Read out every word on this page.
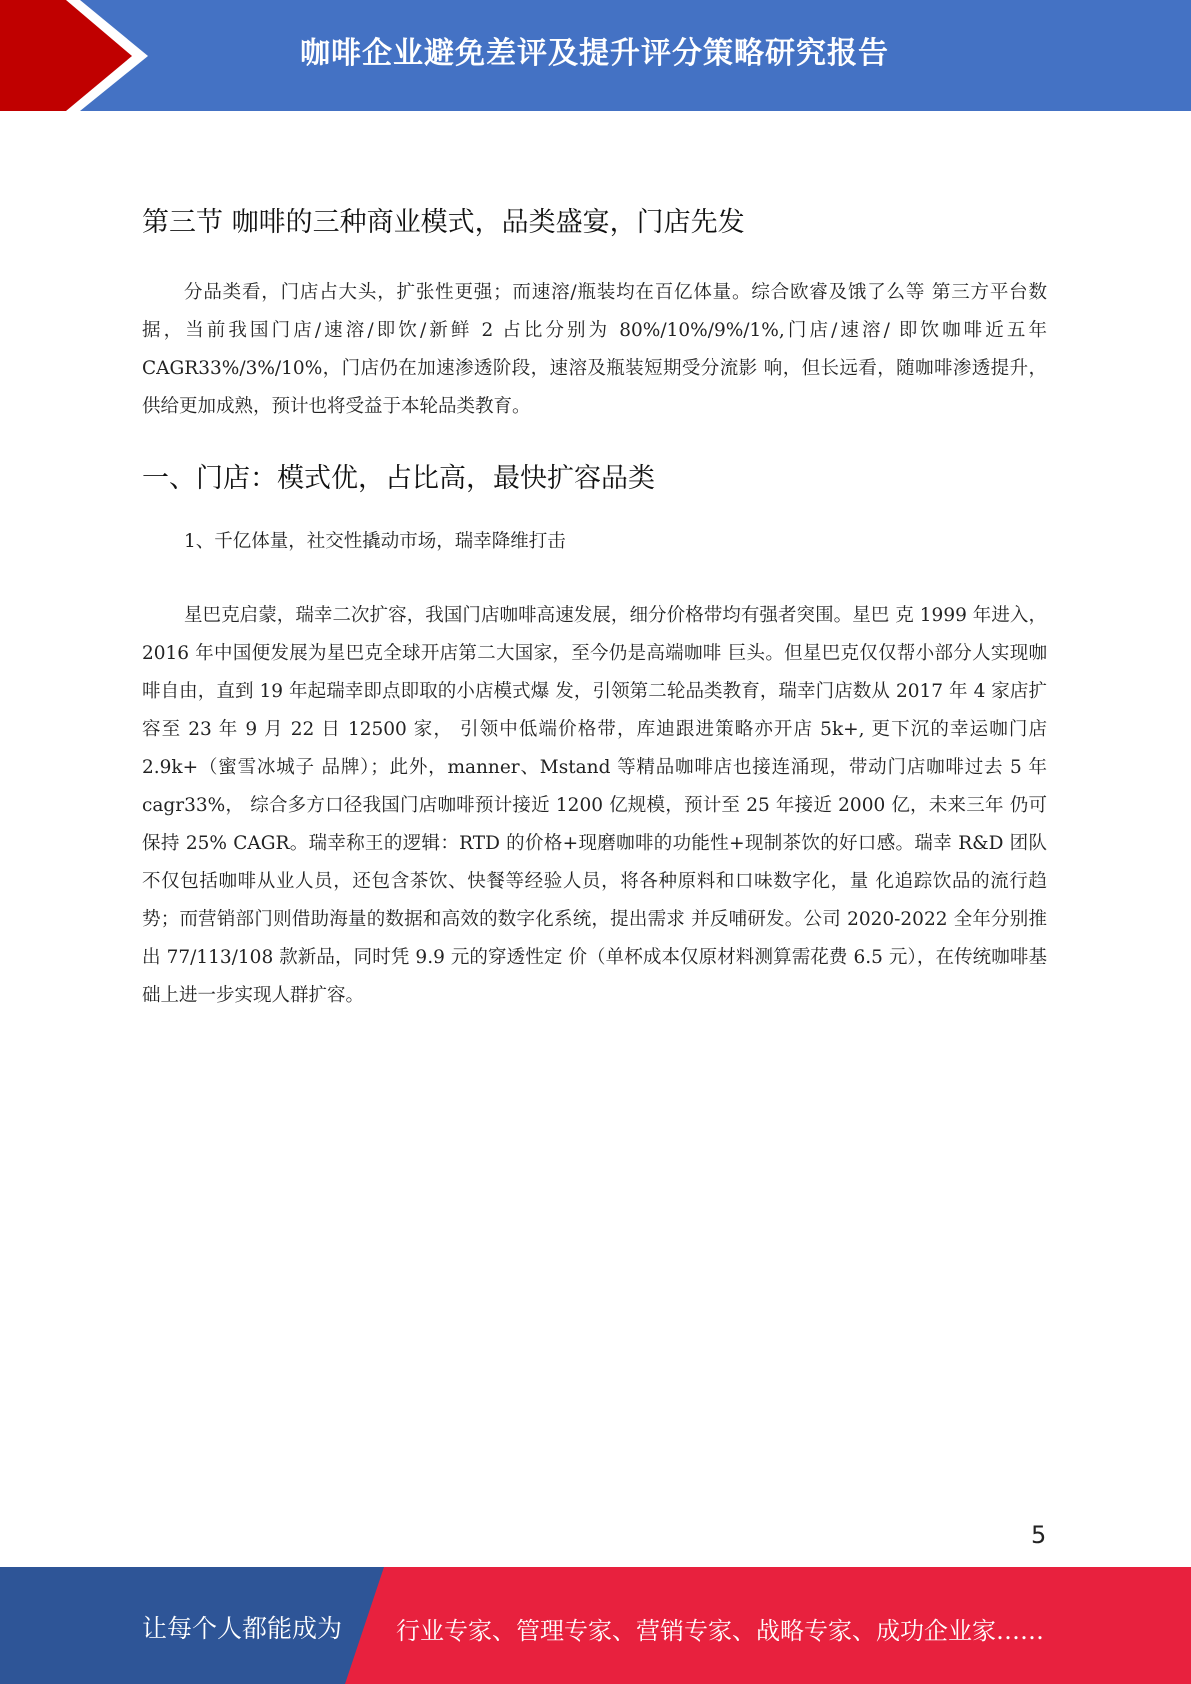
咖啡企业避免差评及提升评分策略研究报告
第三节 咖啡的三种商业模式，品类盛宴，门店先发

分品类看，门店占大头，扩张性更强；而速溶/瓶装均在百亿体量。综合欧睿及饿了么等 第三方平台数据，当前我国门店/速溶/即饮/新鲜 2 占比分别为 80%/10%/9%/1%,门店/速溶/ 即饮咖啡近五年 CAGR33%/3%/10%，门店仍在加速渗透阶段，速溶及瓶装短期受分流影 响，但长远看，随咖啡渗透提升，供给更加成熟，预计也将受益于本轮品类教育。

一、门店：模式优，占比高，最快扩容品类
1、千亿体量，社交性撬动市场，瑞幸降维打击

星巴克启蒙，瑞幸二次扩容，我国门店咖啡高速发展，细分价格带均有强者突围。星巴 克 1999 年进入，2016 年中国便发展为星巴克全球开店第二大国家，至今仍是高端咖啡 巨头。但星巴克仅仅帮小部分人实现咖啡自由，直到 19 年起瑞幸即点即取的小店模式爆 发，引领第二轮品类教育，瑞幸门店数从 2017 年 4 家店扩容至 23 年 9 月 22 日 12500 家， 引领中低端价格带，库迪跟进策略亦开店 5k+, 更下沉的幸运咖门店 2.9k+（蜜雪冰城子 品牌）；此外，manner、Mstand 等精品咖啡店也接连涌现，带动门店咖啡过去 5 年 cagr33%， 综合多方口径我国门店咖啡预计接近 1200 亿规模，预计至 25 年接近 2000 亿，未来三年 仍可保持 25% CAGR。瑞幸称王的逻辑：RTD 的价格+现磨咖啡的功能性+现制茶饮的好口感。瑞幸 R&D 团队 不仅包括咖啡从业人员，还包含茶饮、快餐等经验人员，将各种原料和口味数字化，量 化追踪饮品的流行趋势；而营销部门则借助海量的数据和高效的数字化系统，提出需求 并反哺研发。公司 2020-2022 全年分别推出 77/113/108 款新品，同时凭 9.9 元的穿透性定 价（单杯成本仅原材料测算需花费 6.5 元），在传统咖啡基础上进一步实现人群扩容。

5
让每个人都能成为 行业专家、管理专家、营销专家、战略专家、成功企业家……
